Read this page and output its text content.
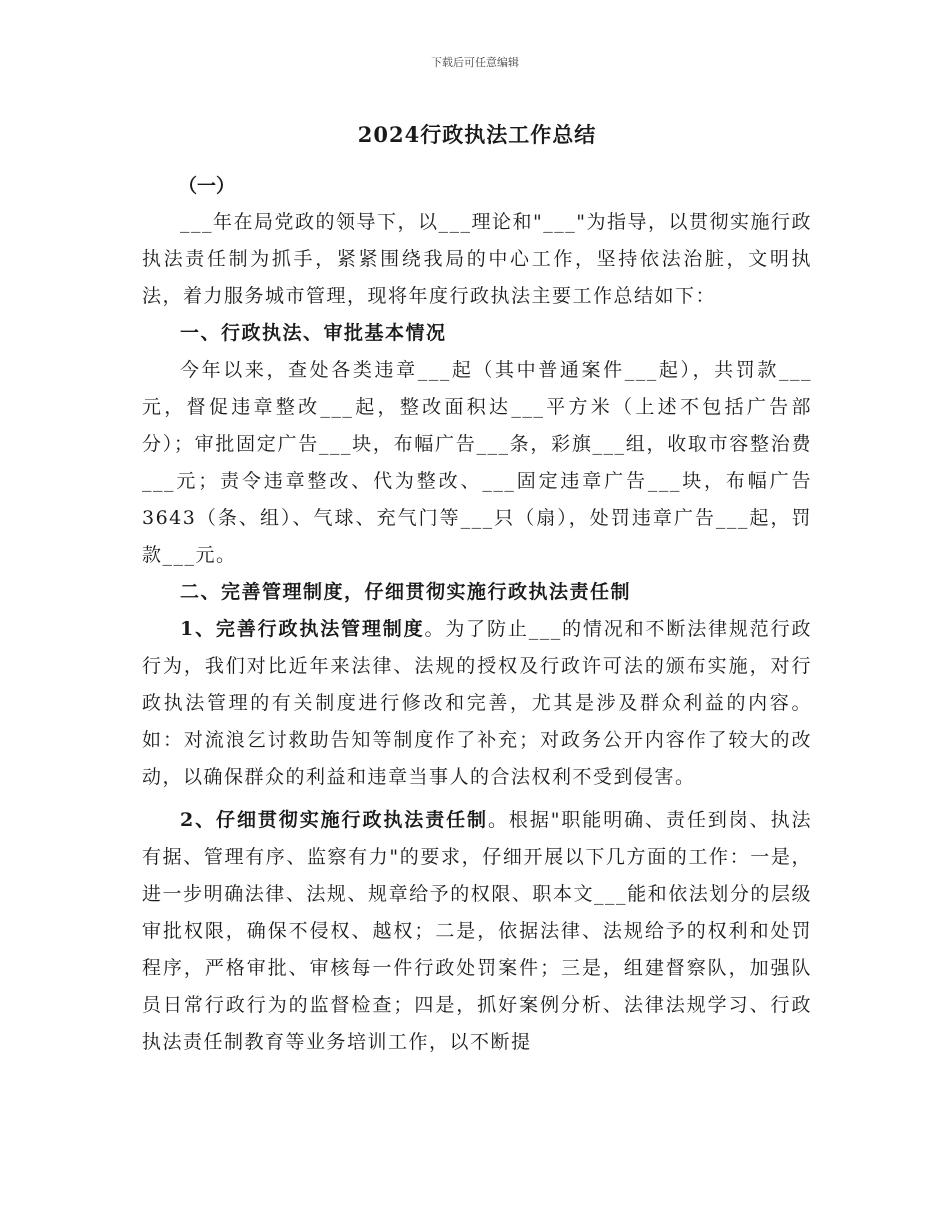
下载后可任意编辑
2024行政执法工作总结
（一）

___年在局党政的领导下，以___理论和"___"为指导，以贯彻实施行政执法责任制为抓手，紧紧围绕我局的中心工作，坚持依法治脏，文明执法，着力服务城市管理，现将年度行政执法主要工作总结如下：

一、行政执法、审批基本情况

今年以来，查处各类违章___起（其中普通案件___起），共罚款___元，督促违章整改___起，整改面积达___平方米（上述不包括广告部分）；审批固定广告___块，布幅广告___条，彩旗___组，收取市容整治费___元；责令违章整改、代为整改、___固定违章广告___块，布幅广告3643（条、组）、气球、充气门等___只（扇），处罚违章广告___起，罚款___元。

二、完善管理制度，仔细贯彻实施行政执法责任制

1、完善行政执法管理制度。为了防止___的情况和不断法律规范行政行为，我们对比近年来法律、法规的授权及行政许可法的颁布实施，对行政执法管理的有关制度进行修改和完善，尤其是涉及群众利益的内容。如：对流浪乞讨救助告知等制度作了补充；对政务公开内容作了较大的改动，以确保群众的利益和违章当事人的合法权利不受到侵害。

2、仔细贯彻实施行政执法责任制。根据"职能明确、责任到岗、执法有据、管理有序、监察有力"的要求，仔细开展以下几方面的工作：一是，进一步明确法律、法规、规章给予的权限、职本文___能和依法划分的层级审批权限，确保不侵权、越权；二是，依据法律、法规给予的权利和处罚程序，严格审批、审核每一件行政处罚案件；三是，组建督察队，加强队员日常行政行为的监督检查；四是，抓好案例分析、法律法规学习、行政执法责任制教育等业务培训工作，以不断提
